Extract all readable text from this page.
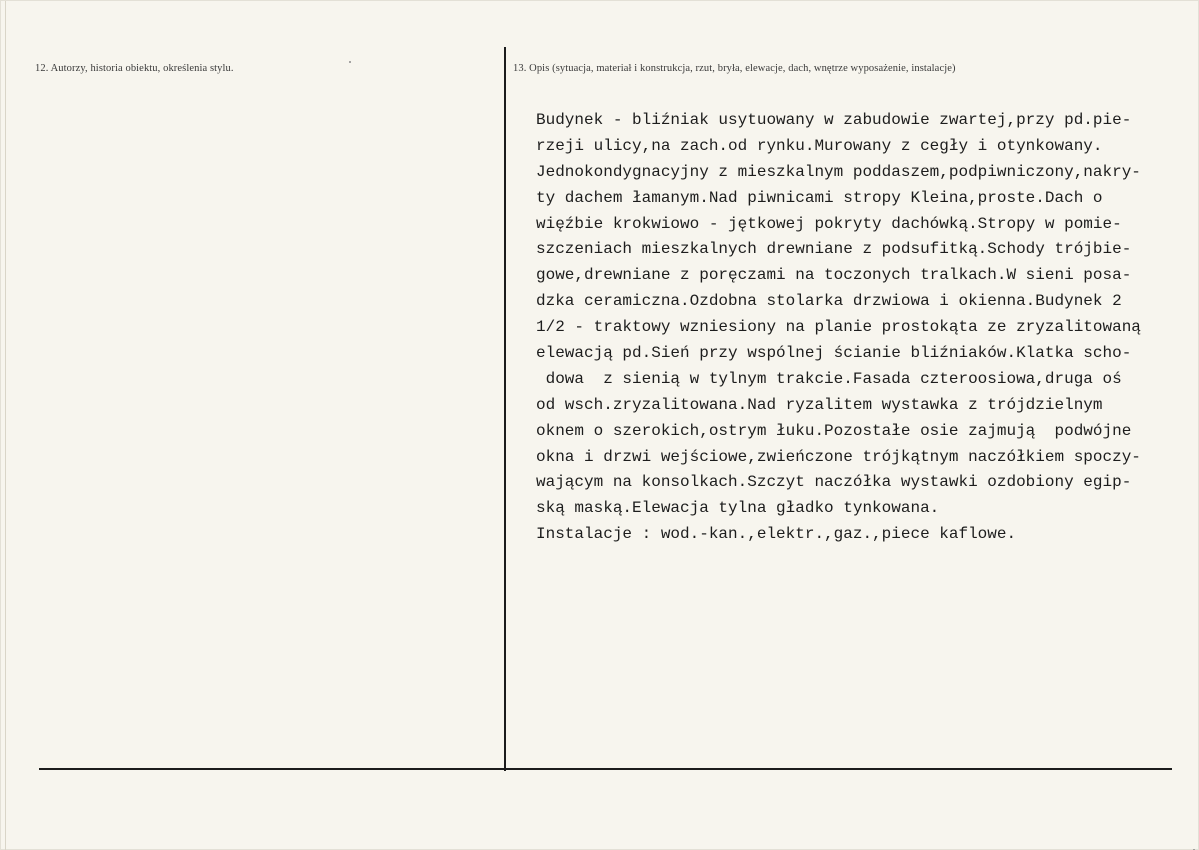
12. Autorzy, historia obiektu, określenia stylu.	13. Opis (sytuacja, materiał i konstrukcja, rzut, bryła, elewacje, dach, wnętrze wyposażenie, instalacje)
Budynek - bliźniak usytuowany w zabudowie zwartej,przy pd.pie-
rzeji ulicy,na zach.od rynku.Murowany z cegły i otynkowany.
Jednokondygnacyjny z mieszkalnym poddaszem,podpiwniczony,nakry-
ty dachem łamanym.Nad piwnicami stropy Kleina,proste.Dach o
więźbie krokwiowo - jętkowej pokryty dachówką.Stropy w pomie-
szczeniach mieszkalnych drewniane z podsufitką.Schody trójbie-
gowe,drewniane z poręczami na toczonych tralkach.W sieni posa-
dzka ceramiczna.Ozdobna stolarka drzwiowa i okienna.Budynek 2
1/2 - traktowy wzniesiony na planie prostokąta ze zryzalitowaną
elewacją pd.Sień przy wspólnej ścianie bliźniaków.Klatka scho-
dowa  z sienią w tylnym trakcie.Fasada czteroosiowa,druga oś
od wsch.zryzalitowana.Nad ryzalitem wystawka z trójdzielnym
oknem o szerokich,ostrym łuku.Pozostałe osie zajmują  podwójne
okna i drzwi wejściowe,zwieńczone trójkątnym naczółkiem spoczy-
wającym na konsolkach.Szczyt naczółka wystawki ozdobiony egip-
ską maską.Elewacja tylna gładko tynkowana.
Instalacje : wod.-kan.,elektr.,gaz.,piece kaflowe.
